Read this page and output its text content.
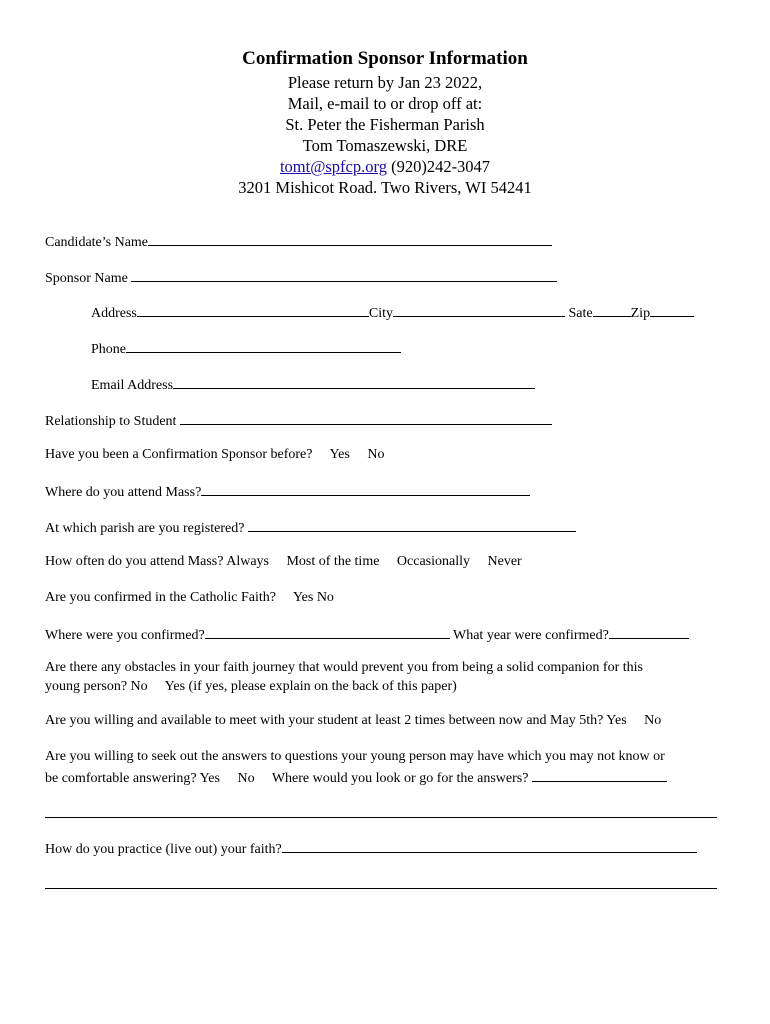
Confirmation Sponsor Information
Please return by Jan 23 2022,
Mail, e-mail to or drop off at:
St. Peter the Fisherman Parish
Tom Tomaszewski, DRE
tomt@spfcp.org (920)242-3047
3201 Mishicot Road. Two Rivers, WI 54241
Candidate’s Name
Sponsor Name
Address	City	Sate	Zip
Phone
Email Address
Relationship to Student
Have you been a Confirmation Sponsor before? Yes No
Where do you attend Mass?
At which parish are you registered?
How often do you attend Mass? Always Most of the time Occasionally Never
Are you confirmed in the Catholic Faith? Yes No
Where were you confirmed?	What year were confirmed?
Are there any obstacles in your faith journey that would prevent you from being a solid companion for this
young person? No Yes (if yes, please explain on the back of this paper)
Are you willing and available to meet with your student at least 2 times between now and May 5th? Yes No
Are you willing to seek out the answers to questions your young person may have which you may not know or
be comfortable answering? Yes No Where would you look or go for the answers?
How do you practice (live out) your faith?
